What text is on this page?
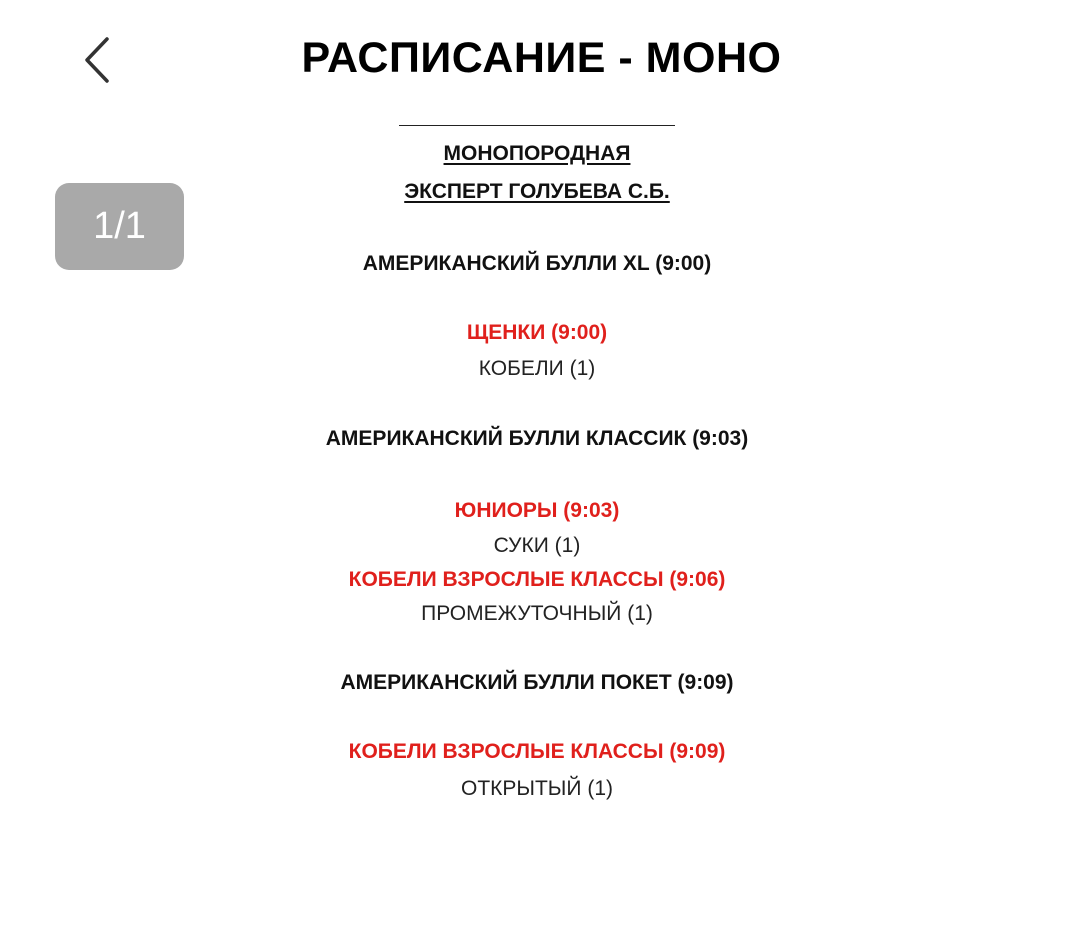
РАСПИСАНИЕ - МОНО
1/1
МОНОПОРОДНАЯ
ЭКСПЕРТ ГОЛУБЕВА С.Б.
АМЕРИКАНСКИЙ БУЛЛИ XL (9:00)
ЩЕНКИ (9:00)
КОБЕЛИ (1)
АМЕРИКАНСКИЙ БУЛЛИ КЛАССИК (9:03)
ЮНИОРЫ (9:03)
СУКИ (1)
КОБЕЛИ ВЗРОСЛЫЕ КЛАССЫ (9:06)
ПРОМЕЖУТОЧНЫЙ (1)
АМЕРИКАНСКИЙ БУЛЛИ ПОКЕТ (9:09)
КОБЕЛИ ВЗРОСЛЫЕ КЛАССЫ (9:09)
ОТКРЫТЫЙ (1)
